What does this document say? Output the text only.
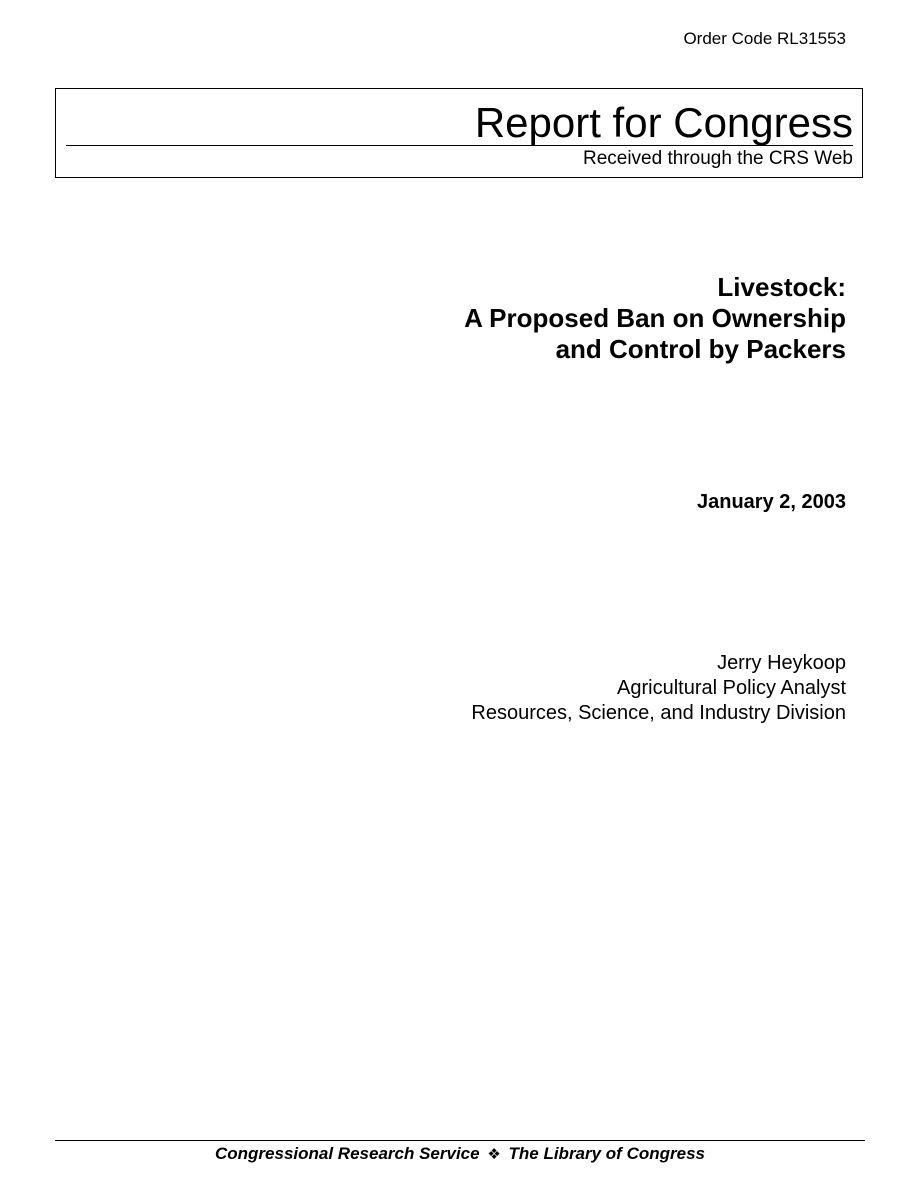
Order Code RL31553
Report for Congress
Received through the CRS Web
Livestock:
A Proposed Ban on Ownership
and Control by Packers
January 2, 2003
Jerry Heykoop
Agricultural Policy Analyst
Resources, Science, and Industry Division
Congressional Research Service ❖ The Library of Congress
